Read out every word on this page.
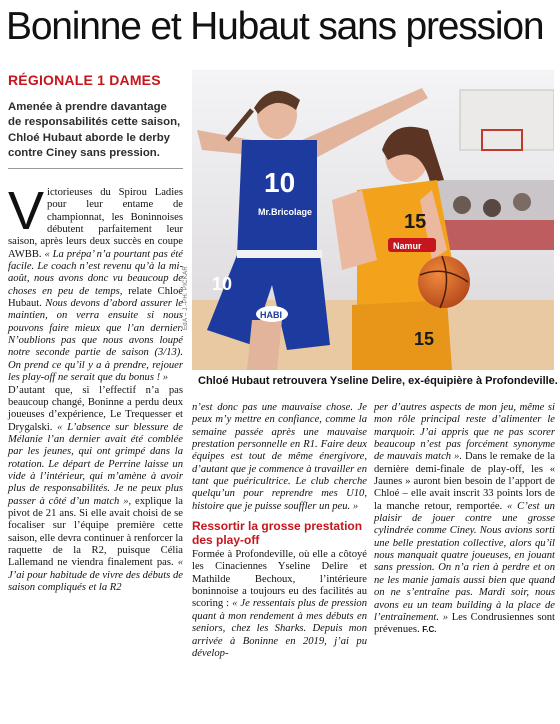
Boninne et Hubaut sans pression
RÉGIONALE 1 DAMES
Amenée à prendre davantage de responsabilités cette saison, Chloé Hubaut aborde le derby contre Ciney sans pression.
10
Mr.Bricolage
10
HABI
15
Namur
15
ÉdA – J.-PH. PICKAR
Chloé Hubaut retrouvera Yseline Delire, ex-équipière à Profondeville.

Victorieuses du Spirou Ladies pour leur entame de championnat, les Boninnoises débutent parfaitement leur saison, après leurs deux succès en coupe AWBB. « La prépa’ n’a pourtant pas été facile. Le coach n’est revenu qu’à la mi-août, nous avons donc vu beaucoup de choses en peu de temps, relate Chloé Hubaut. Nous devons d’abord assurer le maintien, on verra ensuite si nous pouvons faire mieux que l’an dernier. N’oublions pas que nous avons loupé notre seconde partie de saison (3/13). On prend ce qu’il y a à prendre, rejouer les play-off ne serait que du bonus ! »

D’autant que, si l’effectif n’a pas beaucoup changé, Boninne a perdu deux joueuses d’expérience, Le Trequesser et Drygalski. « L’absence sur blessure de Mélanie l’an dernier avait été comblée par les jeunes, qui ont grimpé dans la rotation. Le départ de Perrine laisse un vide à l’intérieur, qui m’amène à avoir plus de responsabilités. Je ne peux plus passer à côté d’un match », explique la pivot de 21 ans. Si elle avait choisi de se focaliser sur l’équipe première cette saison, elle devra continuer à renforcer la raquette de la R2, puisque Célia Lallemand ne viendra finalement pas. « J’ai pour habitude de vivre des débuts de saison compliqués et la R2

n’est donc pas une mauvaise chose. Je peux m’y mettre en confiance, comme la semaine passée après une mauvaise prestation personnelle en R1. Faire deux équipes est tout de même énergivore, d’autant que je commence à travailler en tant que puéricultrice. Le club cherche quelqu’un pour reprendre mes U10, histoire que je puisse souffler un peu. »

Ressortir la grosse prestation des play-off

Formée à Profondeville, où elle a côtoyé les Cinaciennes Yseline Delire et Mathilde Bechoux, l’intérieure boninnoise a toujours eu des facilités au scoring : « Je ressentais plus de pression quant à mon rendement à mes débuts en seniors, chez les Sharks. Depuis mon arrivée à Boninne en 2019, j’ai pu dévelop-

per d’autres aspects de mon jeu, même si mon rôle principal reste d’alimenter le marquoir. J’ai appris que ne pas scorer beaucoup n’est pas forcément synonyme de mauvais match ». Dans le remake de la dernière demi-finale de play-off, les « Jaunes » auront bien besoin de l’apport de Chloé – elle avait inscrit 33 points lors de la manche retour, remportée. « C’est un plaisir de jouer contre une grosse cylindrée comme Ciney. Nous avions sorti une belle prestation collective, alors qu’il nous manquait quatre joueuses, en jouant sans pression. On n’a rien à perdre et on ne les manie jamais aussi bien que quand on ne s’entraîne pas. Mardi soir, nous avons eu un team building à la place de l’entraînement. » Les Condrusiennes sont prévenues. F.C.
